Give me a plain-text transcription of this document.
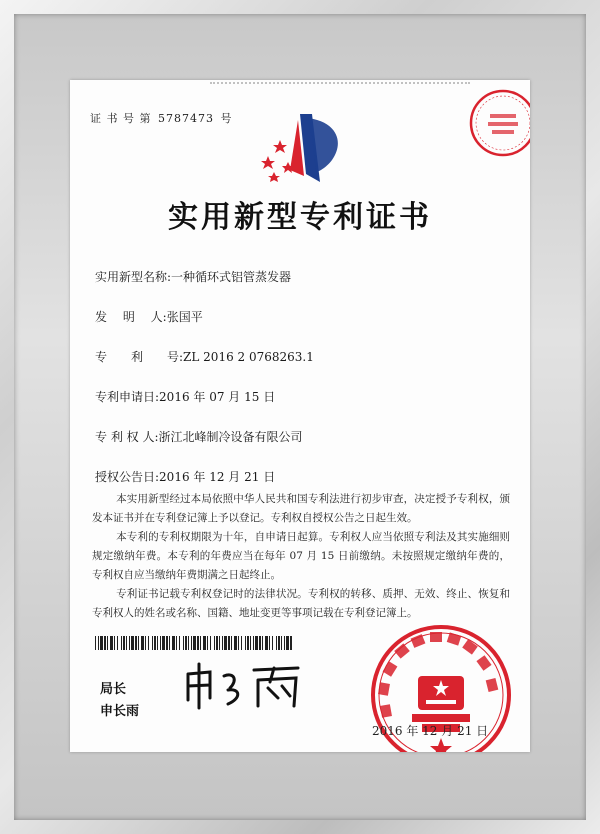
证 书 号 第 5787473 号
实用新型专利证书
实用新型名称:一种循环式铝管蒸发器
发　 明　 人:张国平
专　　利　　号:ZL 2016 2 0768263.1
专利申请日:2016 年 07 月 15 日
专 利 权 人:浙江北峰制冷设备有限公司
授权公告日:2016 年 12 月 21 日

本实用新型经过本局依照中华人民共和国专利法进行初步审查，决定授予专利权，颁发本证书并在专利登记簿上予以登记。专利权自授权公告之日起生效。

本专利的专利权期限为十年，自申请日起算。专利权人应当依照专利法及其实施细则规定缴纳年费。本专利的年费应当在每年 07 月 15 日前缴纳。未按照规定缴纳年费的，专利权自应当缴纳年费期满之日起终止。

专利证书记载专利权登记时的法律状况。专利权的转移、质押、无效、终止、恢复和专利权人的姓名或名称、国籍、地址变更等事项记载在专利登记簿上。

局长
申长雨
2016 年 12 月 21 日
